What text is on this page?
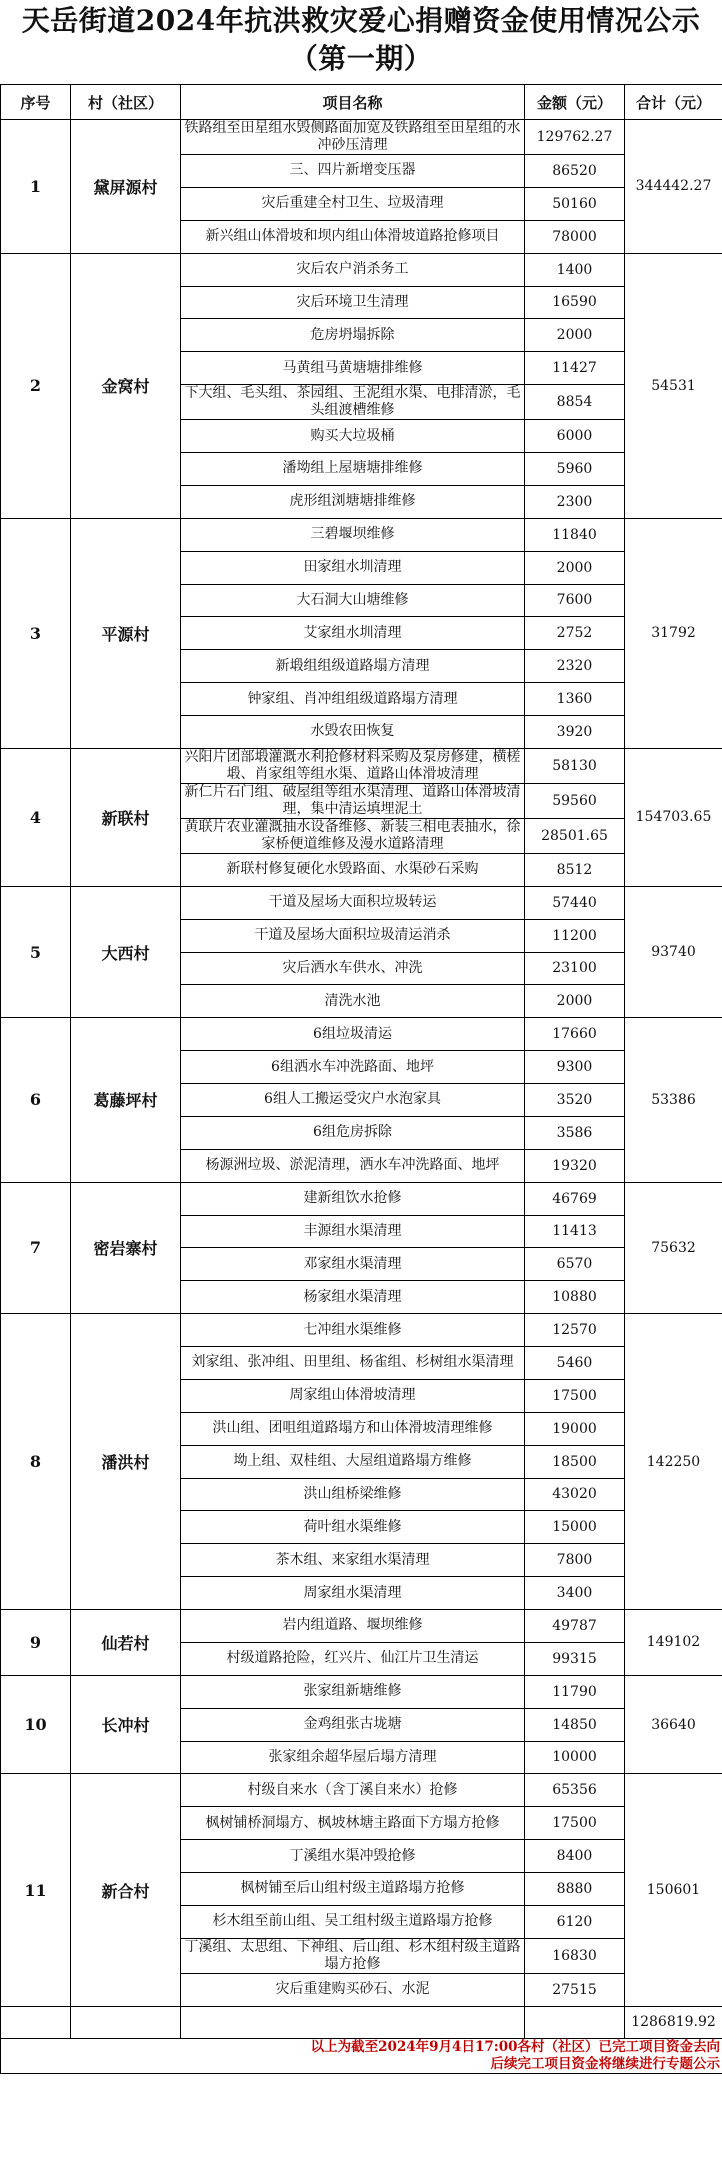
天岳街道2024年抗洪救灾爱心捐赠资金使用情况公示
（第一期）
序号	村（社区）	项目名称	金额（元）	合计（元）
1	黛屏源村	铁路组至田星组水毁侧路面加宽及铁路组至田星组的水冲砂压清理	129762.27	344442.27
		三、四片新增变压器	86520	
		灾后重建全村卫生、垃圾清理	50160	
		新兴组山体滑坡和坝内组山体滑坡道路抢修项目	78000	
2	金窝村	灾后农户消杀务工	1400	54531
		灾后环境卫生清理	16590	
		危房坍塌拆除	2000	
		马黄组马黄塘塘排维修	11427	
		下大组、毛头组、茶园组、王泥组水渠、电排清淤，毛头组渡槽维修	8854	
		购买大垃圾桶	6000	
		潘坳组上屋塘塘排维修	5960	
		虎形组浏塘塘排维修	2300	
3	平源村	三碧堰坝维修	11840	31792
		田家组水圳清理	2000	
		大石洞大山塘维修	7600	
		艾家组水圳清理	2752	
		新塅组组级道路塌方清理	2320	
		钟家组、肖冲组组级道路塌方清理	1360	
		水毁农田恢复	3920	
4	新联村	兴阳片团部塅灌溉水利抢修材料采购及泵房修建，横槎塅、肖家组等组水渠、道路山体滑坡清理	58130	154703.65
		新仁片石门组、破屋组等组水渠清理、道路山体滑坡清理，集中清运填埋泥土	59560	
		黄联片农业灌溉抽水设备维修、新装三相电表抽水，徐家桥便道维修及漫水道路清理	28501.65	
		新联村修复硬化水毁路面、水渠砂石采购	8512	
5	大西村	干道及屋场大面积垃圾转运	57440	93740
		干道及屋场大面积垃圾清运消杀	11200	
		灾后洒水车供水、冲洗	23100	
		清洗水池	2000	
6	葛藤坪村	6组垃圾清运	17660	53386
		6组洒水车冲洗路面、地坪	9300	
		6组人工搬运受灾户水泡家具	3520	
		6组危房拆除	3586	
		杨源洲垃圾、淤泥清理，洒水车冲洗路面、地坪	19320	
7	密岩寨村	建新组饮水抢修	46769	75632
		丰源组水渠清理	11413	
		邓家组水渠清理	6570	
		杨家组水渠清理	10880	
8	潘洪村	七冲组水渠维修	12570	142250
		刘家组、张冲组、田里组、杨雀组、杉树组水渠清理	5460	
		周家组山体滑坡清理	17500	
		洪山组、团咀组道路塌方和山体滑坡清理维修	19000	
		坳上组、双桂组、大屋组道路塌方维修	18500	
		洪山组桥梁维修	43020	
		荷叶组水渠维修	15000	
		茶木组、来家组水渠清理	7800	
		周家组水渠清理	3400	
9	仙若村	岩内组道路、堰坝维修	49787	149102
		村级道路抢险，红兴片、仙江片卫生清运	99315	
10	长冲村	张家组新塘维修	11790	36640
		金鸡组张古垅塘	14850	
		张家组余超华屋后塌方清理	10000	
11	新合村	村级自来水（含丁溪自来水）抢修	65356	150601
		枫树铺桥洞塌方、枫坡林塘主路面下方塌方抢修	17500	
		丁溪组水渠冲毁抢修	8400	
		枫树铺至后山组村级主道路塌方抢修	8880	
		杉木组至前山组、吴工组村级主道路塌方抢修	6120	
		丁溪组、太思组、下神组、后山组、杉木组村级主道路塌方抢修	16830	
		灾后重建购买砂石、水泥	27515	
				1286819.92

以上为截至2024年9月4日17:00各村（社区）已完工项目资金去向
后续完工项目资金将继续进行专题公示				
